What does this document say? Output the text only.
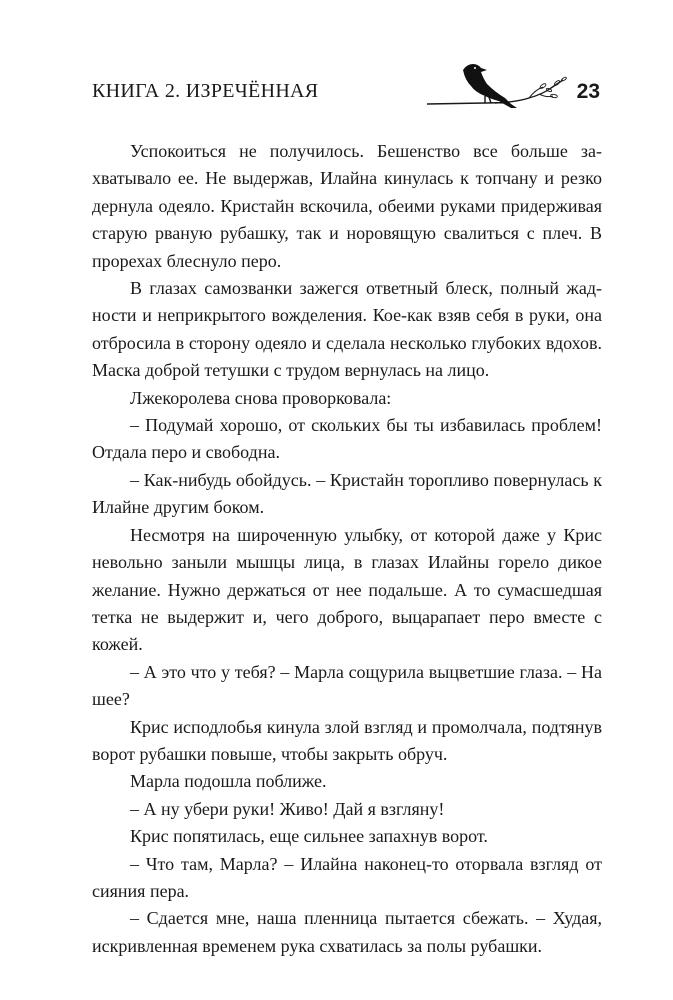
КНИГА 2. ИЗРЕЧЁННАЯ	23

Успокоиться не получилось. Бешенство все больше захватывало ее. Не выдержав, Илайна кинулась к топчану и резко дернула одеяло. Кристайн вскочила, обеими руками придерживая старую рваную рубашку, так и норовящую свалиться с плеч. В прорехах блеснуло перо.

В глазах самозванки зажегся ответный блеск, полный жадности и неприкрытого вожделения. Кое-как взяв себя в руки, она отбросила в сторону одеяло и сделала несколько глубоких вдохов. Маска доброй тетушки с трудом вернулась на лицо.

Лжекоролева снова проворковала:

– Подумай хорошо, от скольких бы ты избавилась проблем! Отдала перо и свободна.

– Как-нибудь обойдусь. – Кристайн торопливо повернулась к Илайне другим боком.

Несмотря на широченную улыбку, от которой даже у Крис невольно заныли мышцы лица, в глазах Илайны горело дикое желание. Нужно держаться от нее подальше. А то сумасшедшая тетка не выдержит и, чего доброго, выцарапает перо вместе с кожей.

– А это что у тебя? – Марла сощурила выцветшие глаза. – На шее?

Крис исподлобья кинула злой взгляд и промолчала, подтянув ворот рубашки повыше, чтобы закрыть обруч.

Марла подошла поближе.

– А ну убери руки! Живо! Дай я взгляну!

Крис попятилась, еще сильнее запахнув ворот.

– Что там, Марла? – Илайна наконец-то оторвала взгляд от сияния пера.

– Сдается мне, наша пленница пытается сбежать. – Худая, искривленная временем рука схватилась за полы рубашки.
